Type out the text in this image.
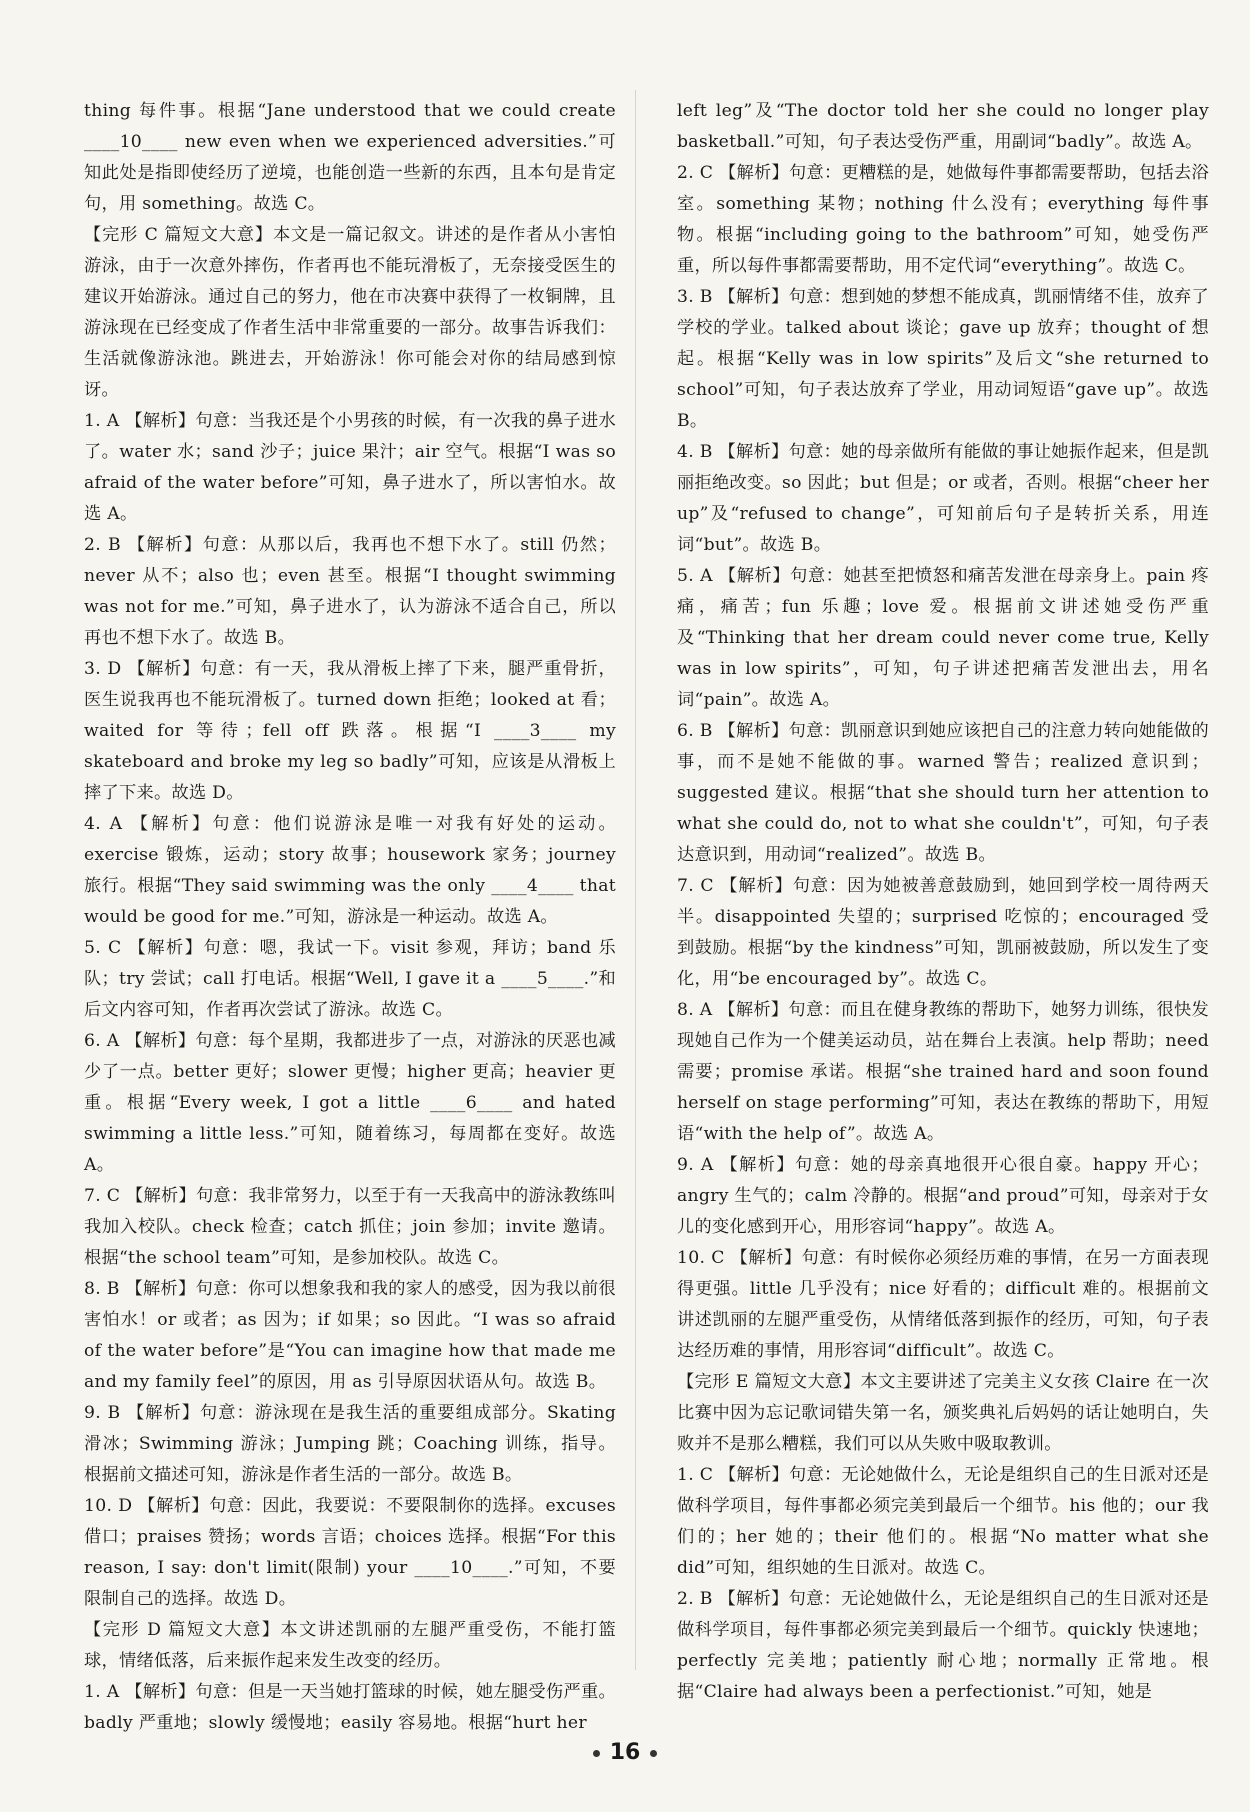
thing 每件事。根据“Jane understood that we could create ____10____ new even when we experienced adversities.”可知此处是指即使经历了逆境，也能创造一些新的东西，且本句是肯定句，用 something。故选 C。

【完形 C 篇短文大意】本文是一篇记叙文。讲述的是作者从小害怕游泳，由于一次意外摔伤，作者再也不能玩滑板了，无奈接受医生的建议开始游泳。通过自己的努力，他在市决赛中获得了一枚铜牌，且游泳现在已经变成了作者生活中非常重要的一部分。故事告诉我们：生活就像游泳池。跳进去，开始游泳！你可能会对你的结局感到惊讶。

1. A 【解析】句意：当我还是个小男孩的时候，有一次我的鼻子进水了。water 水；sand 沙子；juice 果汁；air 空气。根据“I was so afraid of the water before”可知，鼻子进水了，所以害怕水。故选 A。

2. B 【解析】句意：从那以后，我再也不想下水了。still 仍然；never 从不；also 也；even 甚至。根据“I thought swimming was not for me.”可知，鼻子进水了，认为游泳不适合自己，所以再也不想下水了。故选 B。

3. D 【解析】句意：有一天，我从滑板上摔了下来，腿严重骨折，医生说我再也不能玩滑板了。turned down 拒绝；looked at 看；waited for 等待；fell off 跌落。根据“I ____3____ my skateboard and broke my leg so badly”可知，应该是从滑板上摔了下来。故选 D。

4. A 【解析】句意：他们说游泳是唯一对我有好处的运动。exercise 锻炼，运动；story 故事；housework 家务；journey 旅行。根据“They said swimming was the only ____4____ that would be good for me.”可知，游泳是一种运动。故选 A。

5. C 【解析】句意：嗯，我试一下。visit 参观，拜访；band 乐队；try 尝试；call 打电话。根据“Well, I gave it a ____5____.”和后文内容可知，作者再次尝试了游泳。故选 C。

6. A 【解析】句意：每个星期，我都进步了一点，对游泳的厌恶也减少了一点。better 更好；slower 更慢；higher 更高；heavier 更重。根据“Every week, I got a little ____6____ and hated swimming a little less.”可知，随着练习，每周都在变好。故选 A。

7. C 【解析】句意：我非常努力，以至于有一天我高中的游泳教练叫我加入校队。check 检查；catch 抓住；join 参加；invite 邀请。根据“the school team”可知，是参加校队。故选 C。

8. B 【解析】句意：你可以想象我和我的家人的感受，因为我以前很害怕水！or 或者；as 因为；if 如果；so 因此。“I was so afraid of the water before”是“You can imagine how that made me and my family feel”的原因，用 as 引导原因状语从句。故选 B。

9. B 【解析】句意：游泳现在是我生活的重要组成部分。Skating 滑冰；Swimming 游泳；Jumping 跳；Coaching 训练，指导。根据前文描述可知，游泳是作者生活的一部分。故选 B。

10. D 【解析】句意：因此，我要说：不要限制你的选择。excuses 借口；praises 赞扬；words 言语；choices 选择。根据“For this reason, I say: don't limit(限制) your ____10____.”可知，不要限制自己的选择。故选 D。

【完形 D 篇短文大意】本文讲述凯丽的左腿严重受伤，不能打篮球，情绪低落，后来振作起来发生改变的经历。

1. A 【解析】句意：但是一天当她打篮球的时候，她左腿受伤严重。badly 严重地；slowly 缓慢地；easily 容易地。根据“hurt her

left leg”及“The doctor told her she could no longer play basketball.”可知，句子表达受伤严重，用副词“badly”。故选 A。

2. C 【解析】句意：更糟糕的是，她做每件事都需要帮助，包括去浴室。something 某物；nothing 什么没有；everything 每件事物。根据“including going to the bathroom”可知，她受伤严重，所以每件事都需要帮助，用不定代词“everything”。故选 C。

3. B 【解析】句意：想到她的梦想不能成真，凯丽情绪不佳，放弃了学校的学业。talked about 谈论；gave up 放弃；thought of 想起。根据“Kelly was in low spirits”及后文“she returned to school”可知，句子表达放弃了学业，用动词短语“gave up”。故选 B。

4. B 【解析】句意：她的母亲做所有能做的事让她振作起来，但是凯丽拒绝改变。so 因此；but 但是；or 或者，否则。根据“cheer her up”及“refused to change”，可知前后句子是转折关系，用连词“but”。故选 B。

5. A 【解析】句意：她甚至把愤怒和痛苦发泄在母亲身上。pain 疼痛，痛苦；fun 乐趣；love 爱。根据前文讲述她受伤严重及“Thinking that her dream could never come true, Kelly was in low spirits”，可知，句子讲述把痛苦发泄出去，用名词“pain”。故选 A。

6. B 【解析】句意：凯丽意识到她应该把自己的注意力转向她能做的事，而不是她不能做的事。warned 警告；realized 意识到；suggested 建议。根据“that she should turn her attention to what she could do, not to what she couldn't”，可知，句子表达意识到，用动词“realized”。故选 B。

7. C 【解析】句意：因为她被善意鼓励到，她回到学校一周待两天半。disappointed 失望的；surprised 吃惊的；encouraged 受到鼓励。根据“by the kindness”可知，凯丽被鼓励，所以发生了变化，用“be encouraged by”。故选 C。

8. A 【解析】句意：而且在健身教练的帮助下，她努力训练，很快发现她自己作为一个健美运动员，站在舞台上表演。help 帮助；need 需要；promise 承诺。根据“she trained hard and soon found herself on stage performing”可知，表达在教练的帮助下，用短语“with the help of”。故选 A。

9. A 【解析】句意：她的母亲真地很开心很自豪。happy 开心；angry 生气的；calm 冷静的。根据“and proud”可知，母亲对于女儿的变化感到开心，用形容词“happy”。故选 A。

10. C 【解析】句意：有时候你必须经历难的事情，在另一方面表现得更强。little 几乎没有；nice 好看的；difficult 难的。根据前文讲述凯丽的左腿严重受伤，从情绪低落到振作的经历，可知，句子表达经历难的事情，用形容词“difficult”。故选 C。

【完形 E 篇短文大意】本文主要讲述了完美主义女孩 Claire 在一次比赛中因为忘记歌词错失第一名，颁奖典礼后妈妈的话让她明白，失败并不是那么糟糕，我们可以从失败中吸取教训。

1. C 【解析】句意：无论她做什么，无论是组织自己的生日派对还是做科学项目，每件事都必须完美到最后一个细节。his 他的；our 我们的；her 她的；their 他们的。根据“No matter what she did”可知，组织她的生日派对。故选 C。

2. B 【解析】句意：无论她做什么，无论是组织自己的生日派对还是做科学项目，每件事都必须完美到最后一个细节。quickly 快速地；perfectly 完美地；patiently 耐心地；normally 正常地。根据“Claire had always been a perfectionist.”可知，她是

16
